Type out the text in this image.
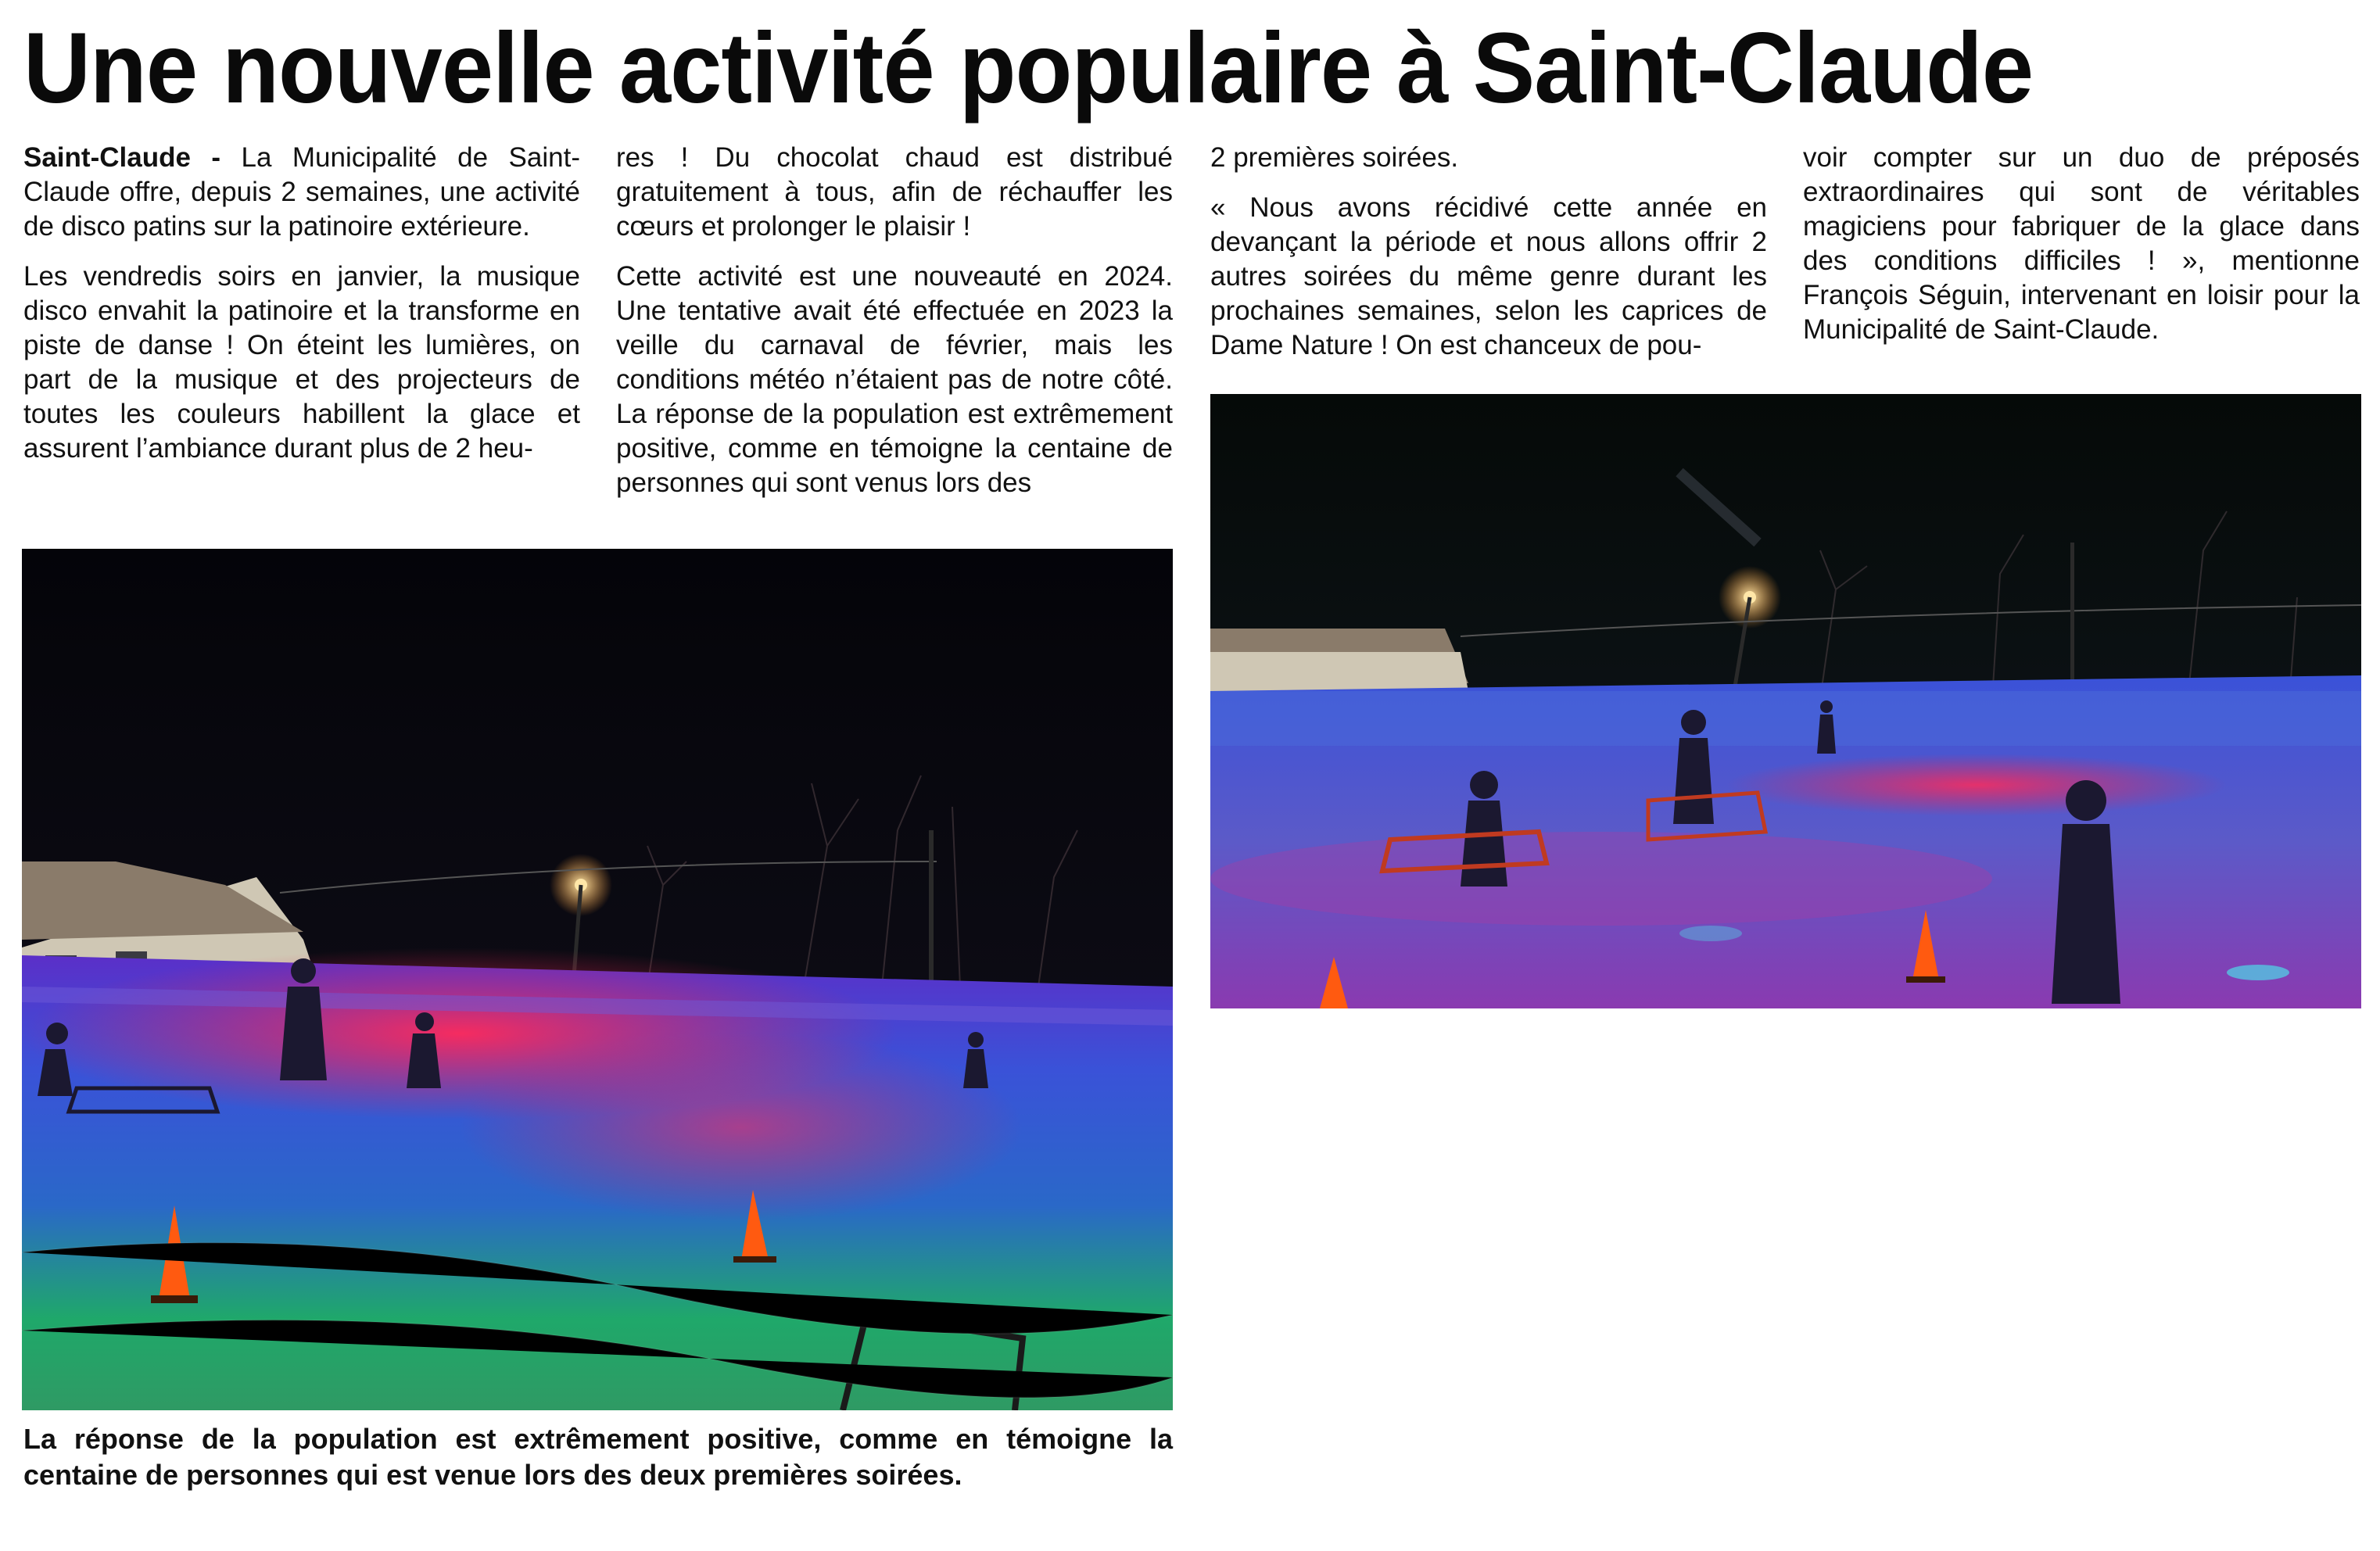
Une nouvelle activité populaire à Saint-Claude

Saint-Claude - La Municipalité de Saint-Claude offre, depuis 2 semaines, une activité de disco patins sur la patinoire extérieure.

Les vendredis soirs en janvier, la musique disco envahit la patinoire et la transforme en piste de danse ! On éteint les lumières, on part de la musique et des projecteurs de toutes les couleurs habillent la glace et assurent l’ambiance durant plus de 2 heu-

res ! Du chocolat chaud est distribué gratuitement à tous, afin de réchauffer les cœurs et prolonger le plaisir !

Cette activité est une nouveauté en 2024. Une tentative avait été effectuée en 2023 la veille du carnaval de février, mais les conditions météo n’étaient pas de notre côté. La réponse de la population est extrêmement positive, comme en témoigne la centaine de personnes qui sont venus lors des

2 premières soirées.

« Nous avons récidivé cette année en devançant la période et nous allons offrir 2 autres soirées du même genre durant les prochaines semaines, selon les caprices de Dame Nature ! On est chanceux de pou-

voir compter sur un duo de préposés extraordinaires qui sont de véritables magiciens pour fabriquer de la glace dans des conditions difficiles ! », mentionne François Séguin, intervenant en loisir pour la Municipalité de Saint-Claude.

La réponse de la population est extrêmement positive, comme en témoigne la centaine de personnes qui est venue lors des deux premières soirées.
